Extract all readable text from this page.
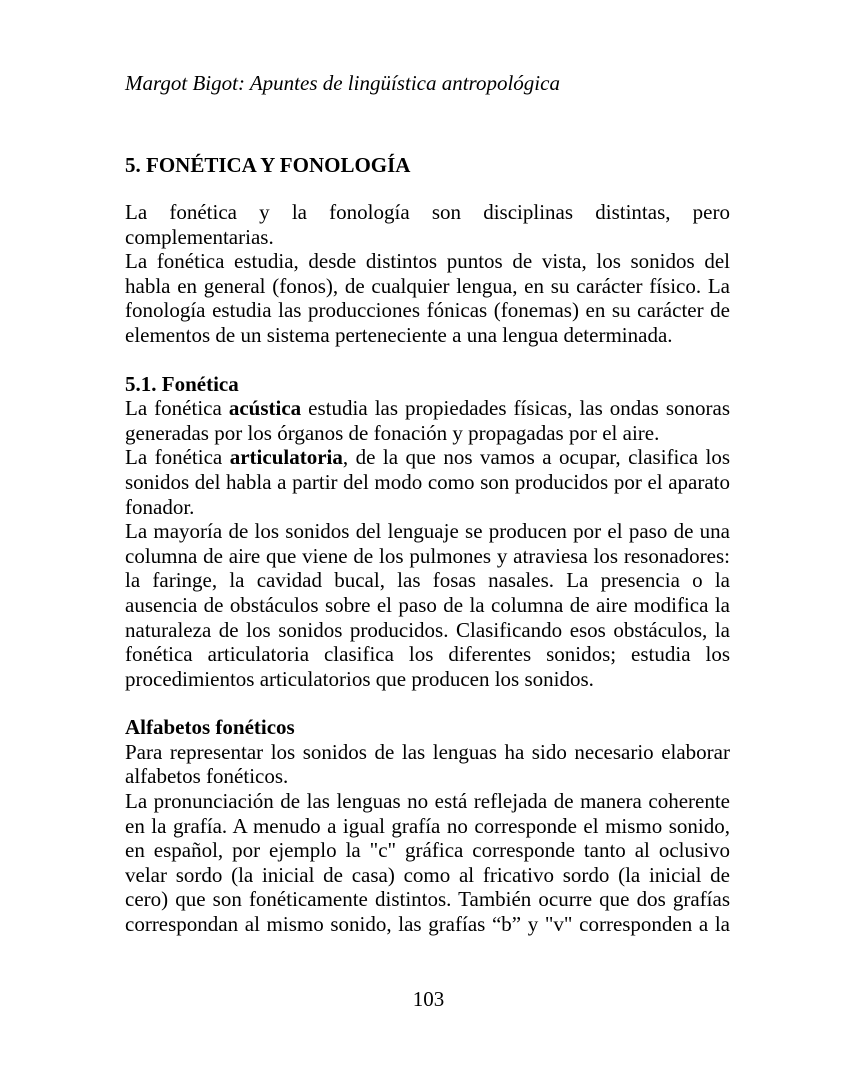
Margot Bigot: Apuntes de lingüística antropológica

5. FONÉTICA Y FONOLOGÍA

La fonética y la fonología son disciplinas distintas, pero complementarias.

La fonética estudia, desde distintos puntos de vista, los sonidos del habla en general (fonos), de cualquier lengua, en su carácter físico. La fonología estudia las producciones fónicas (fonemas) en su carácter de elementos de un sistema perteneciente a una lengua determinada.

5.1. Fonética

La fonética acústica estudia las propiedades físicas, las ondas sonoras generadas por los órganos de fonación y propagadas por el aire.

La fonética articulatoria, de la que nos vamos a ocupar, clasifica los sonidos del habla a partir del modo como son producidos por el aparato fonador.

La mayoría de los sonidos del lenguaje se producen por el paso de una columna de aire que viene de los pulmones y atraviesa los resonadores: la faringe, la cavidad bucal, las fosas nasales. La presencia o la ausencia de obstáculos sobre el paso de la columna de aire modifica la naturaleza de los sonidos producidos. Clasificando esos obstáculos, la fonética articulatoria clasifica los diferentes sonidos; estudia los procedimientos articulatorios que producen los sonidos.

Alfabetos fonéticos

Para representar los sonidos de las lenguas ha sido necesario elaborar alfabetos fonéticos.

La pronunciación de las lenguas no está reflejada de manera coherente en la grafía. A menudo a igual grafía no corresponde el mismo sonido, en español, por ejemplo la "c" gráfica corresponde tanto al oclusivo velar sordo (la inicial de casa) como al fricativo sordo (la inicial de cero) que son fonéticamente distintos. También ocurre que dos grafías correspondan al mismo sonido, las grafías “b” y "v" corresponden a la

103
